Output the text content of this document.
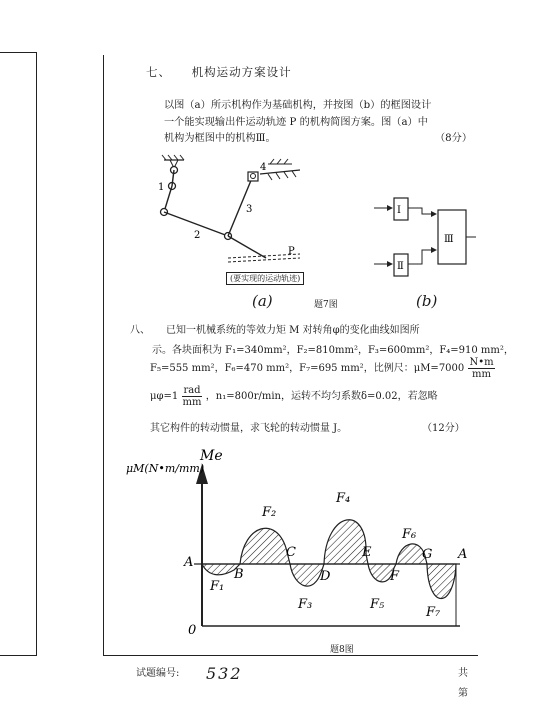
七、 机构运动方案设计
以图（a）所示机构作为基础机构，并按图（b）的框图设计
一个能实现输出件运动轨迹 P 的机构简图方案。图（a）中
机构为框图中的机构Ⅲ。	（8分）
1
2
3
4
P
(要实现的运动轨迹)
Ⅰ
Ⅱ
Ⅲ
(a)	题7图	(b)
八、 已知一机械系统的等效力矩 M 对转角φ的变化曲线如图所
示。各块面积为 F₁=340mm²，F₂=810mm²，F₃=600mm²，F₄=910 mm²，
F₅=555 mm²，F₆=470 mm²，F₇=695 mm²，比例尺：$\mu M=7000 \frac{N•m}{mm}$
$\mu\varphi=1 \frac{\text{rad}}{mm}$ ，n₁=800r/min，运转不均匀系数δ=0.02，若忽略
其它构件的转动惯量，求飞轮的转动惯量 J。	（12分）
μM(N•m/mm)
Me
0
A
B
C
D
E
F
G A
F₁
F₂
F₃
F₄
F₅
F₆
F₇
题8图
试题编号: 532	共
第
